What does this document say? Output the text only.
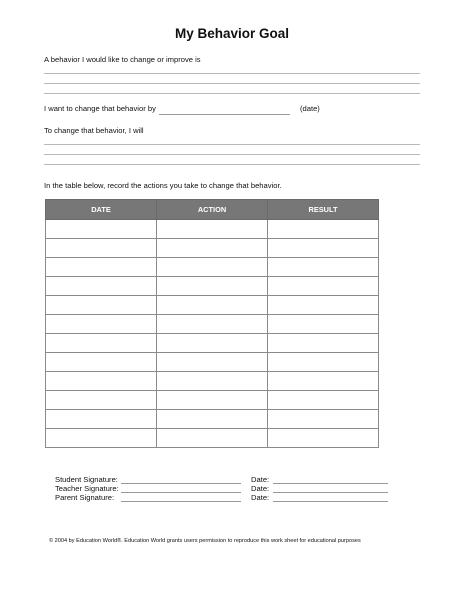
My Behavior Goal
A behavior I would like to change or improve is
I want to change that behavior by	(date)
To change that behavior, I will
In the table below, record the actions you take to change that behavior.
DATE	ACTION	RESULT

Student Signature:	Date:
Teacher Signature:	Date:
Parent Signature:	Date:
© 2004 by Education World®. Education World grants users permission to reproduce this work sheet for educational purposes
